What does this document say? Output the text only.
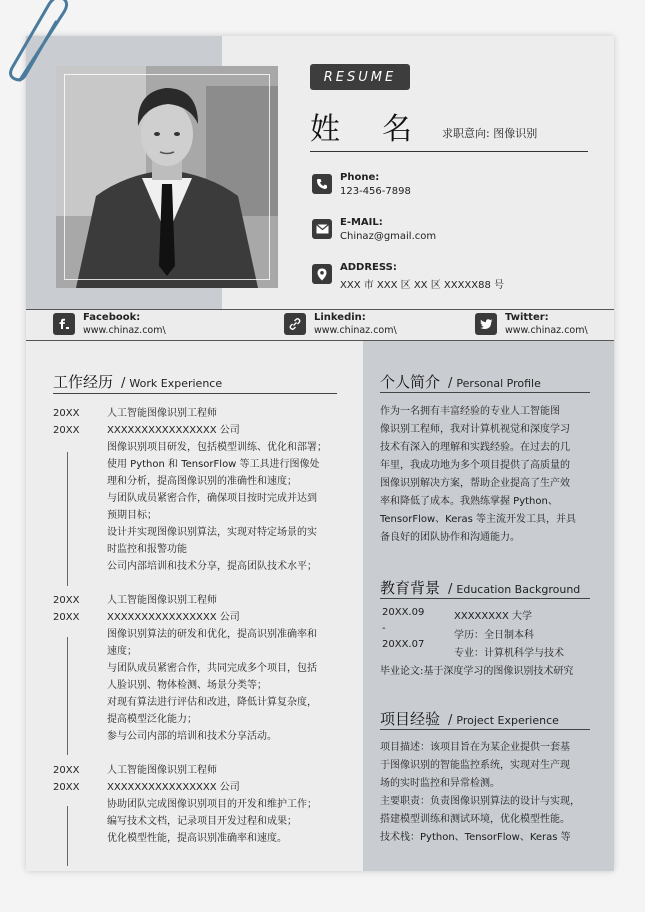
RESUME
姓名
求职意向: 图像识别
Phone:
123-456-7898
E-MAIL:
Chinaz@gmail.com
ADDRESS:
XXX 市 XXX 区 XX 区 XXXXX88 号
Facebook:
www.chinaz.com\
Linkedin:
www.chinaz.com\
Twitter:
www.chinaz.com\
工作经历 / Work Experience
20XX
20XX
人工智能图像识别工程师
XXXXXXXXXXXXXXXX 公司
图像识别项目研发，包括模型训练、优化和部署；
使用 Python 和 TensorFlow 等工具进行图像处
理和分析，提高图像识别的准确性和速度；
与团队成员紧密合作，确保项目按时完成并达到
预期目标；
设计并实现图像识别算法，实现对特定场景的实
时监控和报警功能
公司内部培训和技术分享，提高团队技术水平；
20XX
20XX
人工智能图像识别工程师
XXXXXXXXXXXXXXXX 公司
图像识别算法的研发和优化，提高识别准确率和
速度；
与团队成员紧密合作，共同完成多个项目，包括
人脸识别、物体检测、场景分类等；
对现有算法进行评估和改进，降低计算复杂度，
提高模型泛化能力；
参与公司内部的培训和技术分享活动。
20XX
20XX
人工智能图像识别工程师
XXXXXXXXXXXXXXXX 公司
协助团队完成图像识别项目的开发和维护工作；
编写技术文档，记录项目开发过程和成果；
优化模型性能，提高识别准确率和速度。
个人简介 / Personal Profile
作为一名拥有丰富经验的专业人工智能图
像识别工程师，我对计算机视觉和深度学习
技术有深入的理解和实践经验。在过去的几
年里，我成功地为多个项目提供了高质量的
图像识别解决方案，帮助企业提高了生产效
率和降低了成本。我熟练掌握 Python、
TensorFlow、Keras 等主流开发工具，并具
备良好的团队协作和沟通能力。
教育背景 / Education Background
20XX.09
-
20XX.07
XXXXXXXX 大学
学历：全日制本科
专业：计算机科学与技术
毕业论文:基于深度学习的图像识别技术研究
项目经验 / Project Experience
项目描述：该项目旨在为某企业提供一套基
于图像识别的智能监控系统，实现对生产现
场的实时监控和异常检测。
主要职责：负责图像识别算法的设计与实现，
搭建模型训练和测试环境，优化模型性能。
技术栈：Python、TensorFlow、Keras 等
